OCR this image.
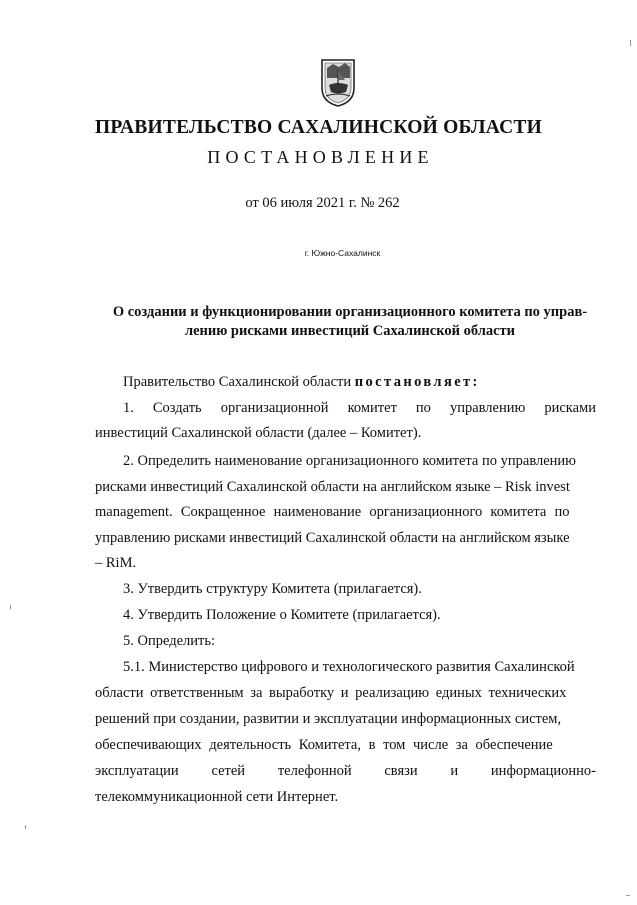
ПРАВИТЕЛЬСТВО САХАЛИНСКОЙ ОБЛАСТИ
ПОСТАНОВЛЕНИЕ
от 06 июля 2021 г. № 262
г. Южно-Сахалинск
О создании и функционировании организационного комитета по управ-
лению рисками инвестиций Сахалинской области
Правительство Сахалинской области постановляет:
1. Создать организационной комитет по управлению рисками
инвестиций Сахалинской области (далее – Комитет).
2. Определить наименование организационного комитета по управлению
рисками инвестиций Сахалинской области на английском языке – Risk invest
management. Сокращенное наименование организационного комитета по
управлению рисками инвестиций Сахалинской области на английском языке
– RiM.
3. Утвердить структуру Комитета (прилагается).
4. Утвердить Положение о Комитете (прилагается).
5. Определить:
5.1. Министерство цифрового и технологического развития Сахалинской
области ответственным за выработку и реализацию единых технических
решений при создании, развитии и эксплуатации информационных систем,
обеспечивающих деятельность Комитета, в том числе за обеспечение
эксплуатации сетей телефонной связи и информационно-
телекоммуникационной сети Интернет.
